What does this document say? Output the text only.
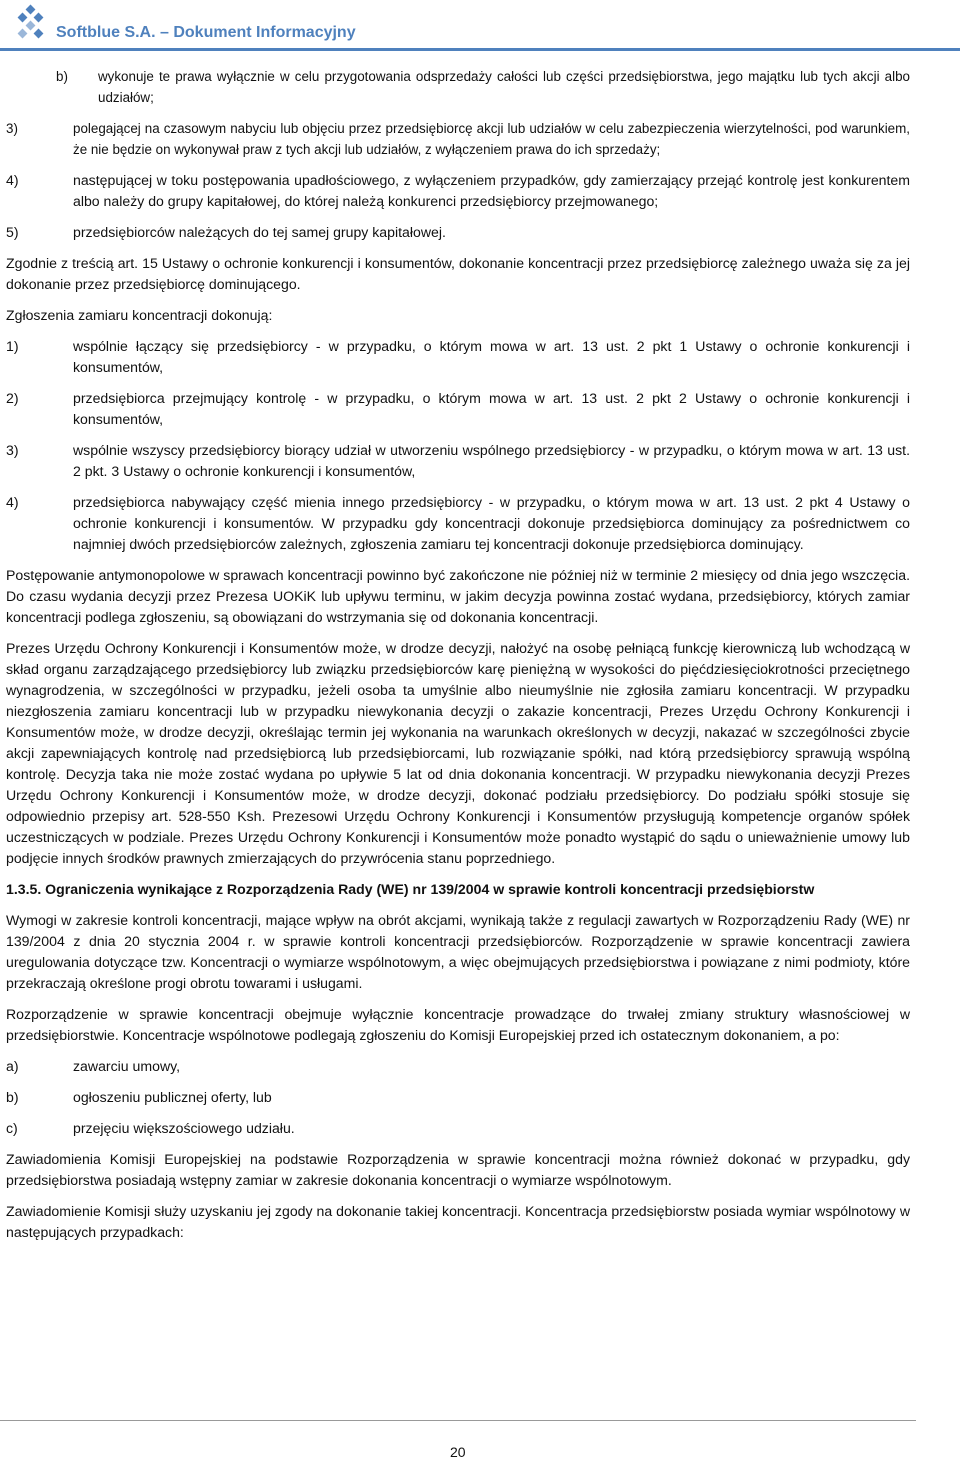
Softblue S.A. – Dokument Informacyjny
b)	wykonuje te prawa wyłącznie w celu przygotowania odsprzedaży całości lub części przedsiębiorstwa, jego majątku lub tych akcji albo udziałów;
3)	polegającej na czasowym nabyciu lub objęciu przez przedsiębiorcę akcji lub udziałów w celu zabezpieczenia wierzytelności, pod warunkiem, że nie będzie on wykonywał praw z tych akcji lub udziałów, z wyłączeniem prawa do ich sprzedaży;
4)	następującej w toku postępowania upadłościowego, z wyłączeniem przypadków, gdy zamierzający przejąć kontrolę jest konkurentem albo należy do grupy kapitałowej, do której należą konkurenci przedsiębiorcy przejmowanego;
5)	przedsiębiorców należących do tej samej grupy kapitałowej.

Zgodnie z treścią art. 15 Ustawy o ochronie konkurencji i konsumentów, dokonanie koncentracji przez przedsiębiorcę zależnego uważa się za jej dokonanie przez przedsiębiorcę dominującego.

Zgłoszenia zamiaru koncentracji dokonują:

1)	wspólnie łączący się przedsiębiorcy - w przypadku, o którym mowa w art. 13 ust. 2 pkt 1 Ustawy o ochronie konkurencji i konsumentów,
2)	przedsiębiorca przejmujący kontrolę - w przypadku, o którym mowa w art. 13 ust. 2 pkt 2 Ustawy o ochronie konkurencji i konsumentów,
3)	wspólnie wszyscy przedsiębiorcy biorący udział w utworzeniu wspólnego przedsiębiorcy - w przypadku, o którym mowa w art. 13 ust. 2 pkt. 3 Ustawy o ochronie konkurencji i konsumentów,
4)	przedsiębiorca nabywający część mienia innego przedsiębiorcy - w przypadku, o którym mowa w art. 13 ust. 2 pkt 4 Ustawy o ochronie konkurencji i konsumentów. W przypadku gdy koncentracji dokonuje przedsiębiorca dominujący za pośrednictwem co najmniej dwóch przedsiębiorców zależnych, zgłoszenia zamiaru tej koncentracji dokonuje przedsiębiorca dominujący.

Postępowanie antymonopolowe w sprawach koncentracji powinno być zakończone nie później niż w terminie 2 miesięcy od dnia jego wszczęcia. Do czasu wydania decyzji przez Prezesa UOKiK lub upływu terminu, w jakim decyzja powinna zostać wydana, przedsiębiorcy, których zamiar koncentracji podlega zgłoszeniu, są obowiązani do wstrzymania się od dokonania koncentracji.

Prezes Urzędu Ochrony Konkurencji i Konsumentów może, w drodze decyzji, nałożyć na osobę pełniącą funkcję kierowniczą lub wchodzącą w skład organu zarządzającego przedsiębiorcy lub związku przedsiębiorców karę pieniężną w wysokości do pięćdziesięciokrotności przeciętnego wynagrodzenia, w szczególności w przypadku, jeżeli osoba ta umyślnie albo nieumyślnie nie zgłosiła zamiaru koncentracji. W przypadku niezgłoszenia zamiaru koncentracji lub w przypadku niewykonania decyzji o zakazie koncentracji, Prezes Urzędu Ochrony Konkurencji i Konsumentów może, w drodze decyzji, określając termin jej wykonania na warunkach określonych w decyzji, nakazać w szczególności zbycie akcji zapewniających kontrolę nad przedsiębiorcą lub przedsiębiorcami, lub rozwiązanie spółki, nad którą przedsiębiorcy sprawują wspólną kontrolę. Decyzja taka nie może zostać wydana po upływie 5 lat od dnia dokonania koncentracji. W przypadku niewykonania decyzji Prezes Urzędu Ochrony Konkurencji i Konsumentów może, w drodze decyzji, dokonać podziału przedsiębiorcy. Do podziału spółki stosuje się odpowiednio przepisy art. 528-550 Ksh. Prezesowi Urzędu Ochrony Konkurencji i Konsumentów przysługują kompetencje organów spółek uczestniczących w podziale. Prezes Urzędu Ochrony Konkurencji i Konsumentów może ponadto wystąpić do sądu o unieważnienie umowy lub podjęcie innych środków prawnych zmierzających do przywrócenia stanu poprzedniego.

1.3.5. Ograniczenia wynikające z Rozporządzenia Rady (WE) nr 139/2004 w sprawie kontroli koncentracji przedsiębiorstw

Wymogi w zakresie kontroli koncentracji, mające wpływ na obrót akcjami, wynikają także z regulacji zawartych w Rozporządzeniu Rady (WE) nr 139/2004 z dnia 20 stycznia 2004 r. w sprawie kontroli koncentracji przedsiębiorców. Rozporządzenie w sprawie koncentracji zawiera uregulowania dotyczące tzw. Koncentracji o wymiarze wspólnotowym, a więc obejmujących przedsiębiorstwa i powiązane z nimi podmioty, które przekraczają określone progi obrotu towarami i usługami.

Rozporządzenie w sprawie koncentracji obejmuje wyłącznie koncentracje prowadzące do trwałej zmiany struktury własnościowej w przedsiębiorstwie. Koncentracje wspólnotowe podlegają zgłoszeniu do Komisji Europejskiej przed ich ostatecznym dokonaniem, a po:

a)	zawarciu umowy,
b)	ogłoszeniu publicznej oferty, lub
c)	przejęciu większościowego udziału.

Zawiadomienia Komisji Europejskiej na podstawie Rozporządzenia w sprawie koncentracji można również dokonać w przypadku, gdy przedsiębiorstwa posiadają wstępny zamiar w zakresie dokonania koncentracji o wymiarze wspólnotowym.

Zawiadomienie Komisji służy uzyskaniu jej zgody na dokonanie takiej koncentracji. Koncentracja przedsiębiorstw posiada wymiar wspólnotowy w następujących przypadkach:

20
